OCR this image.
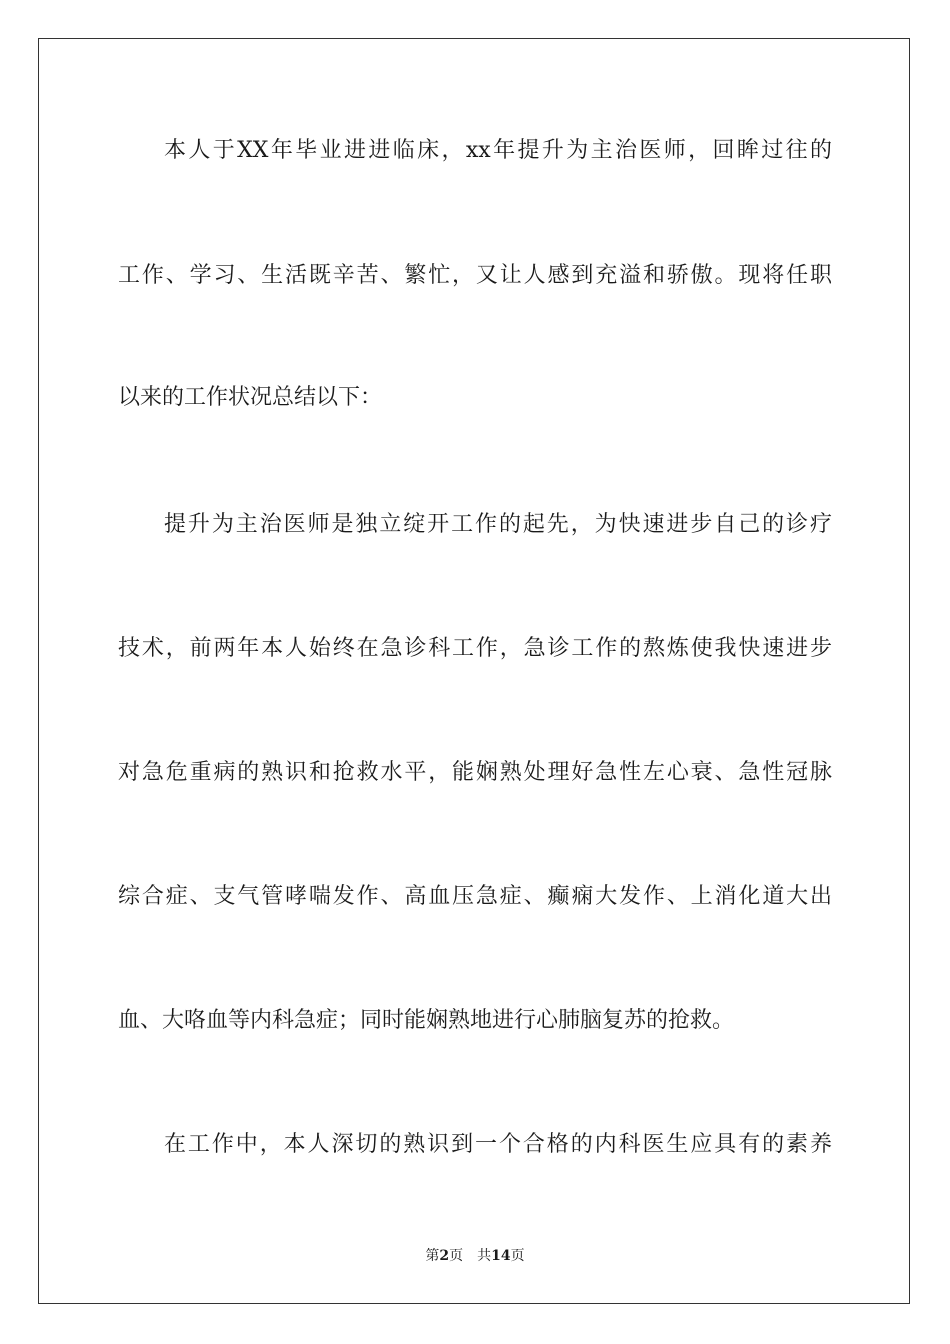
本人于XX年毕业进进临床，xx年提升为主治医师，回眸过往的
工作、学习、生活既辛苦、繁忙，又让人感到充溢和骄傲。现将任职
以来的工作状况总结以下：
提升为主治医师是独立绽开工作的起先，为快速进步自己的诊疗
技术，前两年本人始终在急诊科工作，急诊工作的熬炼使我快速进步
对急危重病的熟识和抢救水平，能娴熟处理好急性左心衰、急性冠脉
综合症、支气管哮喘发作、高血压急症、癫痫大发作、上消化道大出
血、大咯血等内科急症；同时能娴熟地进行心肺脑复苏的抢救。
在工作中，本人深切的熟识到一个合格的内科医生应具有的素养
第2页 共14页
